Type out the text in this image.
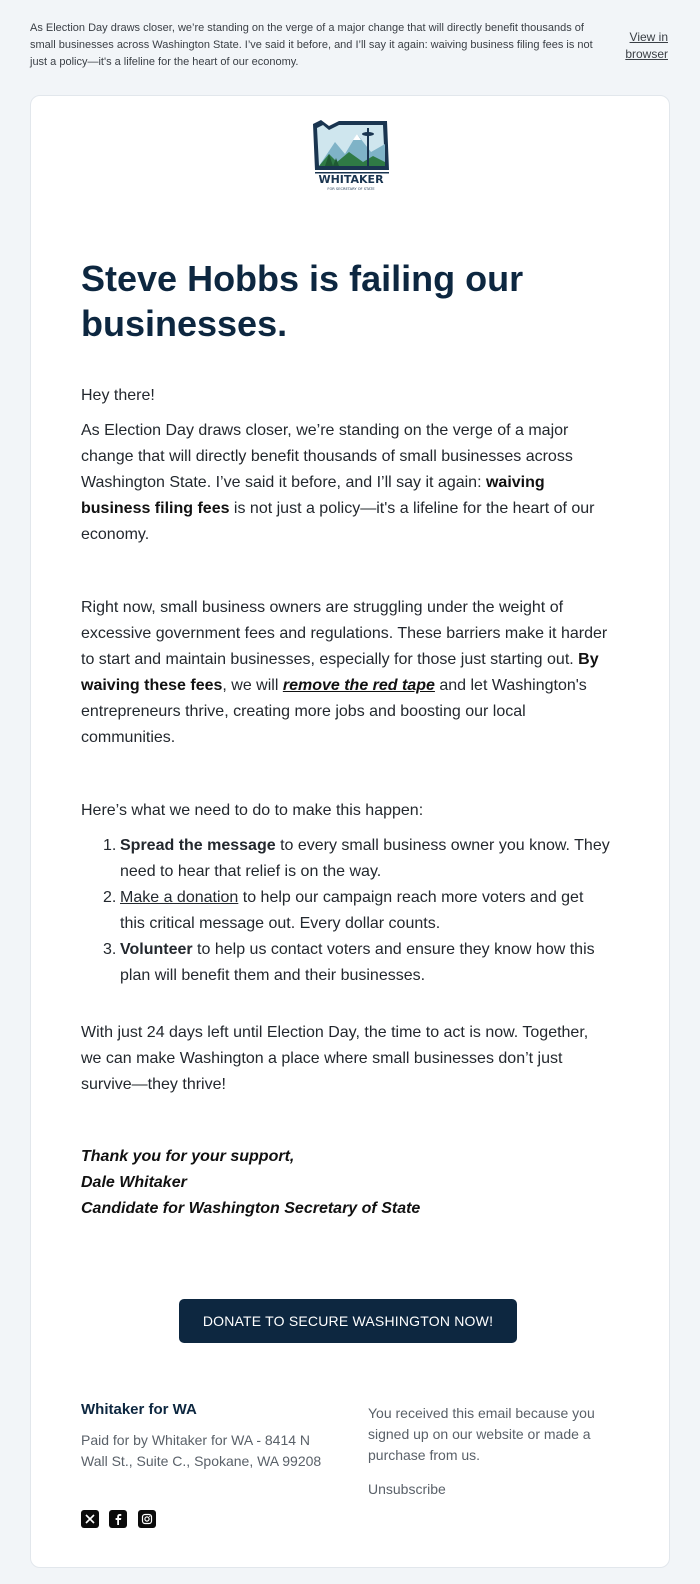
As Election Day draws closer, we’re standing on the verge of a major change that will directly benefit thousands of small businesses across Washington State. I’ve said it before, and I’ll say it again: waiving business filing fees is not just a policy—it's a lifeline for the heart of our economy.
View in browser
WHITAKER
FOR SECRETARY OF STATE
Steve Hobbs is failing our businesses.

Hey there!

As Election Day draws closer, we’re standing on the verge of a major change that will directly benefit thousands of small businesses across Washington State. I’ve said it before, and I’ll say it again: waiving business filing fees is not just a policy—it's a lifeline for the heart of our economy.

Right now, small business owners are struggling under the weight of excessive government fees and regulations. These barriers make it harder to start and maintain businesses, especially for those just starting out. By waiving these fees, we will remove the red tape and let Washington's entrepreneurs thrive, creating more jobs and boosting our local communities.

Here’s what we need to do to make this happen:

1. Spread the message to every small business owner you know. They need to hear that relief is on the way.
2. Make a donation to help our campaign reach more voters and get this critical message out. Every dollar counts.
3. Volunteer to help us contact voters and ensure they know how this plan will benefit them and their businesses.

With just 24 days left until Election Day, the time to act is now. Together, we can make Washington a place where small businesses don’t just survive—they thrive!

Thank you for your support,
Dale Whitaker
Candidate for Washington Secretary of State
DONATE TO SECURE WASHINGTON NOW!
Whitaker for WA
Paid for by Whitaker for WA - 8414 N Wall St., Suite C., Spokane, WA 99208

You received this email because you signed up on our website or made a purchase from us.
Unsubscribe
